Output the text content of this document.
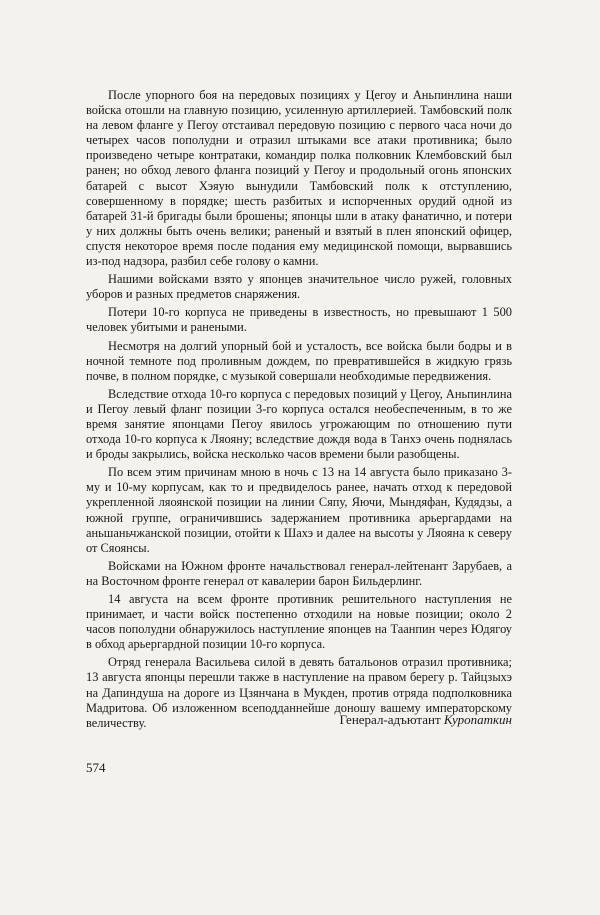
После упорного боя на передовых позициях у Цегоу и Аньпинлина наши войска отошли на главную позицию, усиленную артиллерией. Тамбовский полк на левом фланге у Пегоу отстаивал передовую позицию с первого часа ночи до четырех часов пополудни и отразил штыками все атаки противника; было произведено четыре контратаки, командир полка полковник Клембовский был ранен; но обход левого фланга позиций у Пегоу и продольный огонь японских батарей с высот Хэяую вынудили Тамбовский полк к отступлению, совершенному в порядке; шесть разбитых и испорченных орудий одной из батарей 31-й бригады были брошены; японцы шли в атаку фанатично, и потери у них должны быть очень велики; раненый и взятый в плен японский офицер, спустя некоторое время после подания ему медицинской помощи, вырвавшись из-под надзора, разбил себе голову о камни.

Нашими войсками взято у японцев значительное число ружей, головных уборов и разных предметов снаряжения.

Потери 10-го корпуса не приведены в известность, но превышают 1 500 человек убитыми и ранеными.

Несмотря на долгий упорный бой и усталость, все войска были бодры и в ночной темноте под проливным дождем, по превратившейся в жидкую грязь почве, в полном порядке, с музыкой совершали необходимые передвижения.

Вследствие отхода 10-го корпуса с передовых позиций у Цегоу, Аньпинлина и Пегоу левый фланг позиции 3-го корпуса остался необеспеченным, в то же время занятие японцами Пегоу явилось угрожающим по отношению пути отхода 10-го корпуса к Ляояну; вследствие дождя вода в Танхэ очень поднялась и броды закрылись, войска несколько часов времени были разобщены.

По всем этим причинам мною в ночь с 13 на 14 августа было приказано 3-му и 10-му корпусам, как то и предвиделось ранее, начать отход к передовой укрепленной ляоянской позиции на линии Сяпу, Яючи, Мындяфан, Кудядзы, а южной группе, ограничившись задержанием противника арьергардами на аньшаньчжанской позиции, отойти к Шахэ и далее на высоты у Ляояна к северу от Сяоянсы.

Войсками на Южном фронте начальствовал генерал-лейтенант Зарубаев, а на Восточном фронте генерал от кавалерии барон Бильдерлинг.

14 августа на всем фронте противник решительного наступления не принимает, и части войск постепенно отходили на новые позиции; около 2 часов пополудни обнаружилось наступление японцев на Таанпин через Юдягоу в обход арьергардной позиции 10-го корпуса.

Отряд генерала Васильева силой в девять батальонов отразил противника; 13 августа японцы перешли также в наступление на правом берегу р. Тайцзыхэ на Дапиндуша на дороге из Цзянчана в Мукден, против отряда подполковника Мадритова. Об изложенном всеподданнейше доношу вашему императорскому величеству.	Генерал-адъютант Куропаткин
574
